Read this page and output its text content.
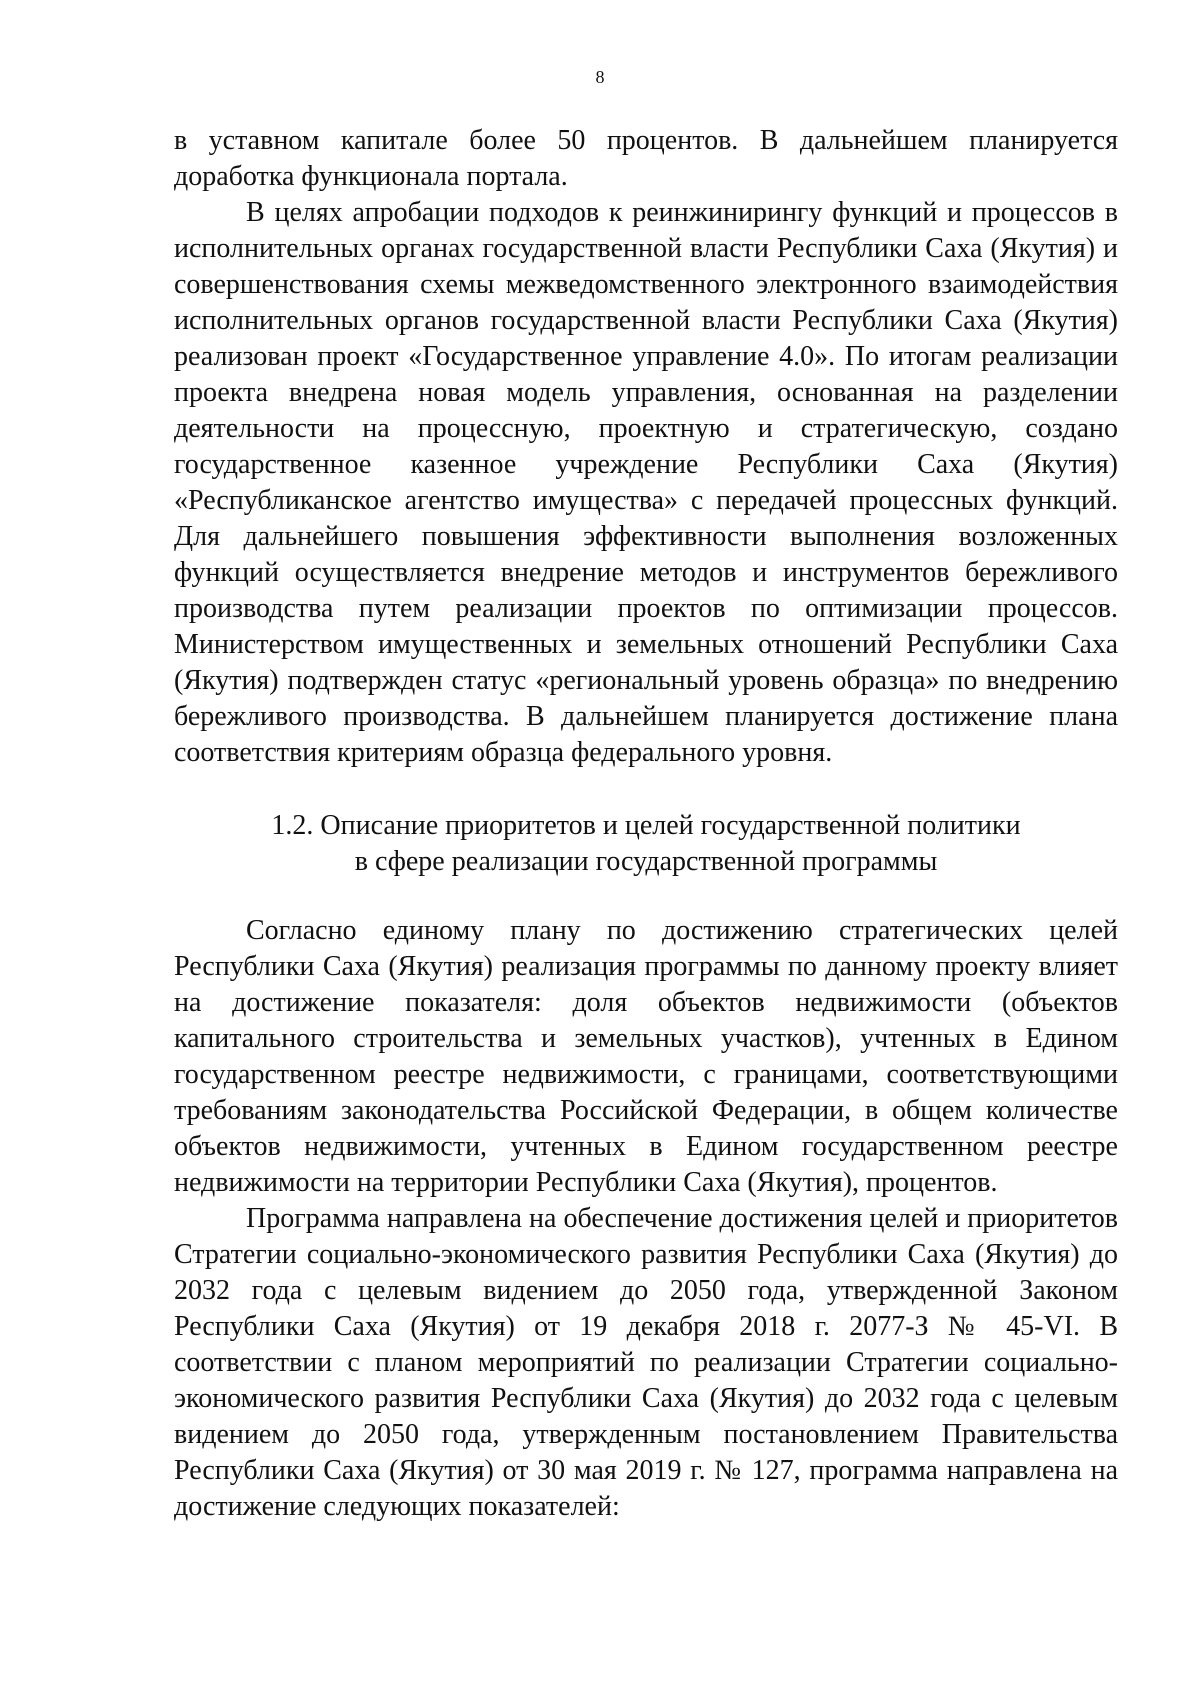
8

в уставном капитале более 50 процентов. В дальнейшем планируется доработка функционала портала.

В целях апробации подходов к реинжинирингу функций и процессов в исполнительных органах государственной власти Республики Саха (Якутия) и совершенствования схемы межведомственного электронного взаимодействия исполнительных органов государственной власти Республики Саха (Якутия) реализован проект «Государственное управление 4.0». По итогам реализации проекта внедрена новая модель управления, основанная на разделении деятельности на процессную, проектную и стратегическую, создано государственное казенное учреждение Республики Саха (Якутия) «Республиканское агентство имущества» с передачей процессных функций. Для дальнейшего повышения эффективности выполнения возложенных функций осуществляется внедрение методов и инструментов бережливого производства путем реализации проектов по оптимизации процессов. Министерством имущественных и земельных отношений Республики Саха (Якутия) подтвержден статус «региональный уровень образца» по внедрению бережливого производства. В дальнейшем планируется достижение плана соответствия критериям образца федерального уровня.

1.2. Описание приоритетов и целей государственной политики
в сфере реализации государственной программы

Согласно единому плану по достижению стратегических целей Республики Саха (Якутия) реализация программы по данному проекту влияет на достижение показателя: доля объектов недвижимости (объектов капитального строительства и земельных участков), учтенных в Едином государственном реестре недвижимости, с границами, соответствующими требованиям законодательства Российской Федерации, в общем количестве объектов недвижимости, учтенных в Едином государственном реестре недвижимости на территории Республики Саха (Якутия), процентов.

Программа направлена на обеспечение достижения целей и приоритетов Стратегии социально-экономического развития Республики Саха (Якутия) до 2032 года с целевым видением до 2050 года, утвержденной Законом Республики Саха (Якутия) от 19 декабря 2018 г. 2077-З № 45-VI. В соответствии с планом мероприятий по реализации Стратегии социально-экономического развития Республики Саха (Якутия) до 2032 года с целевым видением до 2050 года, утвержденным постановлением Правительства Республики Саха (Якутия) от 30 мая 2019 г. № 127, программа направлена на достижение следующих показателей:
